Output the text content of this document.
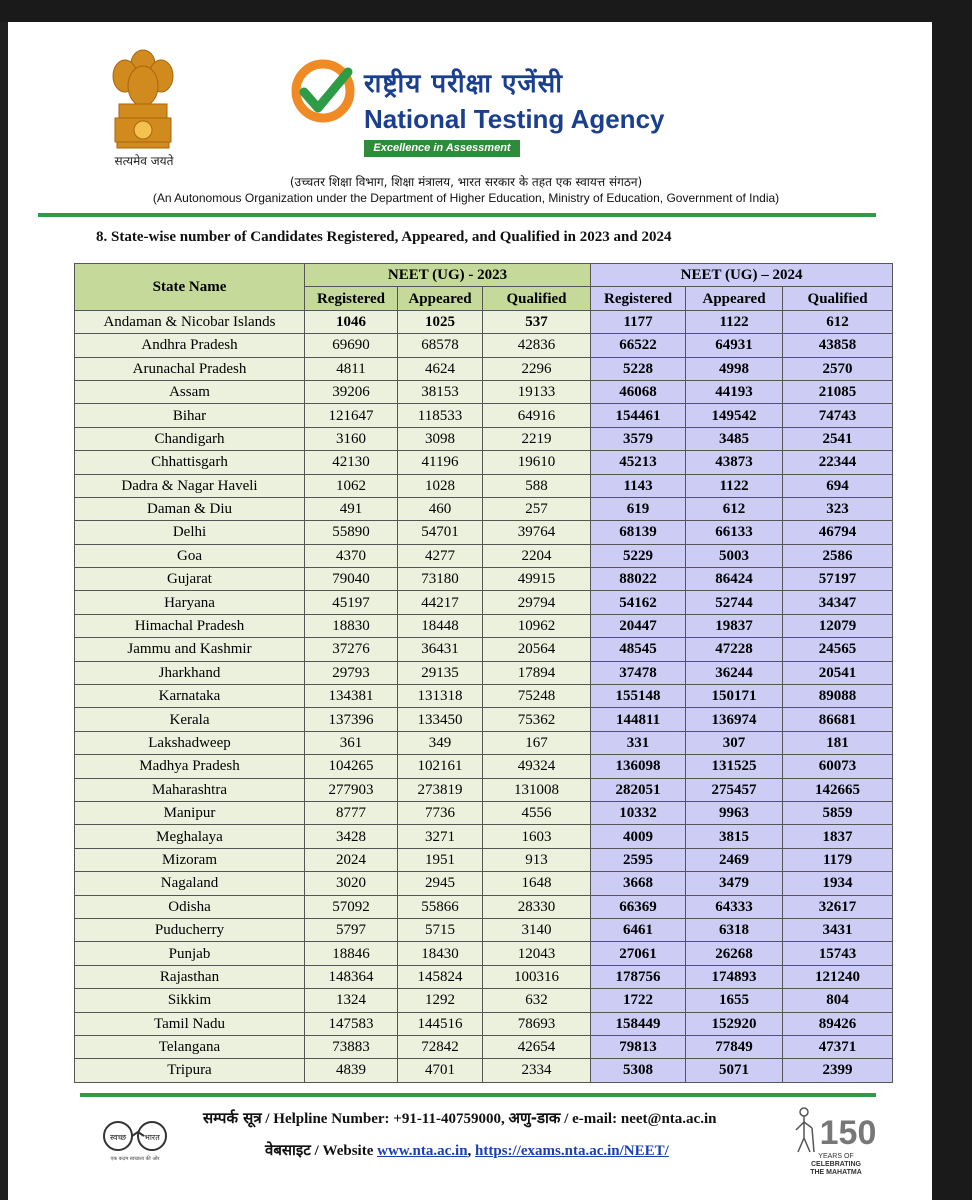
सत्यमेव जयते
राष्ट्रीय परीक्षा एजेंसी
National Testing Agency
Excellence in Assessment
(उच्चतर शिक्षा विभाग, शिक्षा मंत्रालय, भारत सरकार के तहत एक स्वायत्त संगठन)
(An Autonomous Organization under the Department of Higher Education, Ministry of Education, Government of India)
8. State-wise number of Candidates Registered, Appeared, and Qualified in 2023 and 2024
State Name	NEET (UG) - 2023			NEET (UG) – 2024		
	Registered	Appeared	Qualified	Registered	Appeared	Qualified
Andaman & Nicobar Islands	1046	1025	537	1177	1122	612
Andhra Pradesh	69690	68578	42836	66522	64931	43858
Arunachal Pradesh	4811	4624	2296	5228	4998	2570
Assam	39206	38153	19133	46068	44193	21085
Bihar	121647	118533	64916	154461	149542	74743
Chandigarh	3160	3098	2219	3579	3485	2541
Chhattisgarh	42130	41196	19610	45213	43873	22344
Dadra & Nagar Haveli	1062	1028	588	1143	1122	694
Daman & Diu	491	460	257	619	612	323
Delhi	55890	54701	39764	68139	66133	46794
Goa	4370	4277	2204	5229	5003	2586
Gujarat	79040	73180	49915	88022	86424	57197
Haryana	45197	44217	29794	54162	52744	34347
Himachal Pradesh	18830	18448	10962	20447	19837	12079
Jammu and Kashmir	37276	36431	20564	48545	47228	24565
Jharkhand	29793	29135	17894	37478	36244	20541
Karnataka	134381	131318	75248	155148	150171	89088
Kerala	137396	133450	75362	144811	136974	86681
Lakshadweep	361	349	167	331	307	181
Madhya Pradesh	104265	102161	49324	136098	131525	60073
Maharashtra	277903	273819	131008	282051	275457	142665
Manipur	8777	7736	4556	10332	9963	5859
Meghalaya	3428	3271	1603	4009	3815	1837
Mizoram	2024	1951	913	2595	2469	1179
Nagaland	3020	2945	1648	3668	3479	1934
Odisha	57092	55866	28330	66369	64333	32617
Puducherry	5797	5715	3140	6461	6318	3431
Punjab	18846	18430	12043	27061	26268	15743
Rajasthan	148364	145824	100316	178756	174893	121240
Sikkim	1324	1292	632	1722	1655	804
Tamil Nadu	147583	144516	78693	158449	152920	89426
Telangana	73883	72842	42654	79813	77849	47371
Tripura	4839	4701	2334	5308	5071	2399
स्वच्छ भारत
एक कदम स्वच्छता की ओर
सम्पर्क सूत्र / Helpline Number: +91-11-40759000, अणु-डाक / e-mail: neet@nta.ac.in
वेबसाइट / Website www.nta.ac.in, https://exams.nta.ac.in/NEET/	150
YEARS OF
CELEBRATING
THE MAHATMA
